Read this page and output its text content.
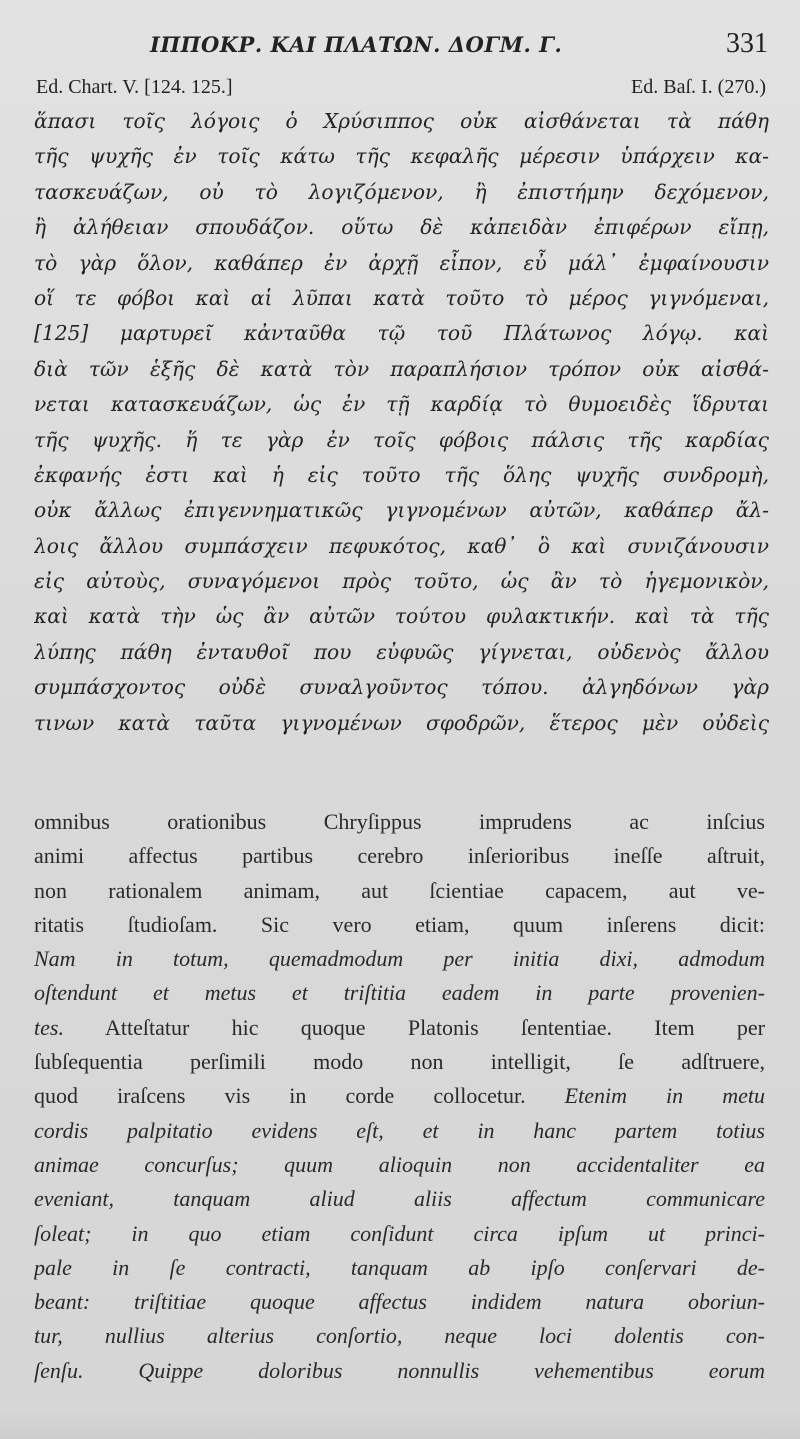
ΙΠΠΟΚΡ. ΚΑΙ ΠΛΑΤΩΝ. ΔΟΓΜ. Γ.	331
Ed. Chart. V. [124. 125.]	Ed. Baſ. I. (270.)
ἅπασι τοῖς λόγοις ὁ Χρύσιππος οὐκ αἰσθάνεται τὰ πάθη
τῆς ψυχῆς ἐν τοῖς κάτω τῆς κεφαλῆς μέρεσιν ὑπάρχειν κα-
τασκευάζων, οὐ τὸ λογιζόμενον, ἢ ἐπιστήμην δεχόμενον,
ἢ ἀλήθειαν σπουδάζον. οὕτω δὲ κἀπειδὰν ἐπιφέρων εἴπῃ,
τὸ γὰρ ὅλον, καθάπερ ἐν ἀρχῇ εἶπον, εὖ μάλ᾽ ἐμφαίνουσιν
οἵ τε φόβοι καὶ αἱ λῦπαι κατὰ τοῦτο τὸ μέρος γιγνόμεναι,
[125] μαρτυρεῖ κἀνταῦθα τῷ τοῦ Πλάτωνος λόγῳ. καὶ
διὰ τῶν ἑξῆς δὲ κατὰ τὸν παραπλήσιον τρόπον οὐκ αἰσθά-
νεται κατασκευάζων, ὡς ἐν τῇ καρδίᾳ τὸ θυμοειδὲς ἵδρυται
τῆς ψυχῆς. ἥ τε γὰρ ἐν τοῖς φόβοις πάλσις τῆς καρδίας
ἐκφανής ἐστι καὶ ἡ εἰς τοῦτο τῆς ὅλης ψυχῆς συνδρομὴ,
οὐκ ἄλλως ἐπιγεννηματικῶς γιγνομένων αὐτῶν, καθάπερ ἄλ-
λοις ἄλλου συμπάσχειν πεφυκότος, καθ᾽ ὃ καὶ συνιζάνουσιν
εἰς αὐτοὺς, συναγόμενοι πρὸς τοῦτο, ὡς ἂν τὸ ἡγεμονικὸν,
καὶ κατὰ τὴν ὡς ἂν αὐτῶν τούτου φυλακτικήν. καὶ τὰ τῆς
λύπης πάθη ἐνταυθοῖ που εὐφυῶς γίγνεται, οὐδενὸς ἄλλου
συμπάσχοντος οὐδὲ συναλγοῦντος τόπου. ἀλγηδόνων γὰρ
τινων κατὰ ταῦτα γιγνομένων σφοδρῶν, ἕτερος μὲν οὐδεὶς
omnibus orationibus Chryſippus imprudens ac inſcius
animi affectus partibus cerebro inſerioribus ineſſe aſtruit,
non rationalem animam, aut ſcientiae capacem, aut ve-
ritatis ſtudioſam. Sic vero etiam, quum inſerens dicit:
Nam in totum, quemadmodum per initia dixi, admodum
oſtendunt et metus et triſtitia eadem in parte provenien-
tes. Atteſtatur hic quoque Platonis ſententiae. Item per
ſubſequentia perſimili modo non intelligit, ſe adſtruere,
quod iraſcens vis in corde collocetur. Etenim in metu
cordis palpitatio evidens eſt, et in hanc partem totius
animae concurſus; quum alioquin non accidentaliter ea
eveniant, tanquam aliud aliis affectum communicare
ſoleat; in quo etiam conſidunt circa ipſum ut princi-
pale in ſe contracti, tanquam ab ipſo conſervari de-
beant: triſtitiae quoque affectus indidem natura oboriun-
tur, nullius alterius conſortio, neque loci dolentis con-
ſenſu. Quippe doloribus nonnullis vehementibus eorum
